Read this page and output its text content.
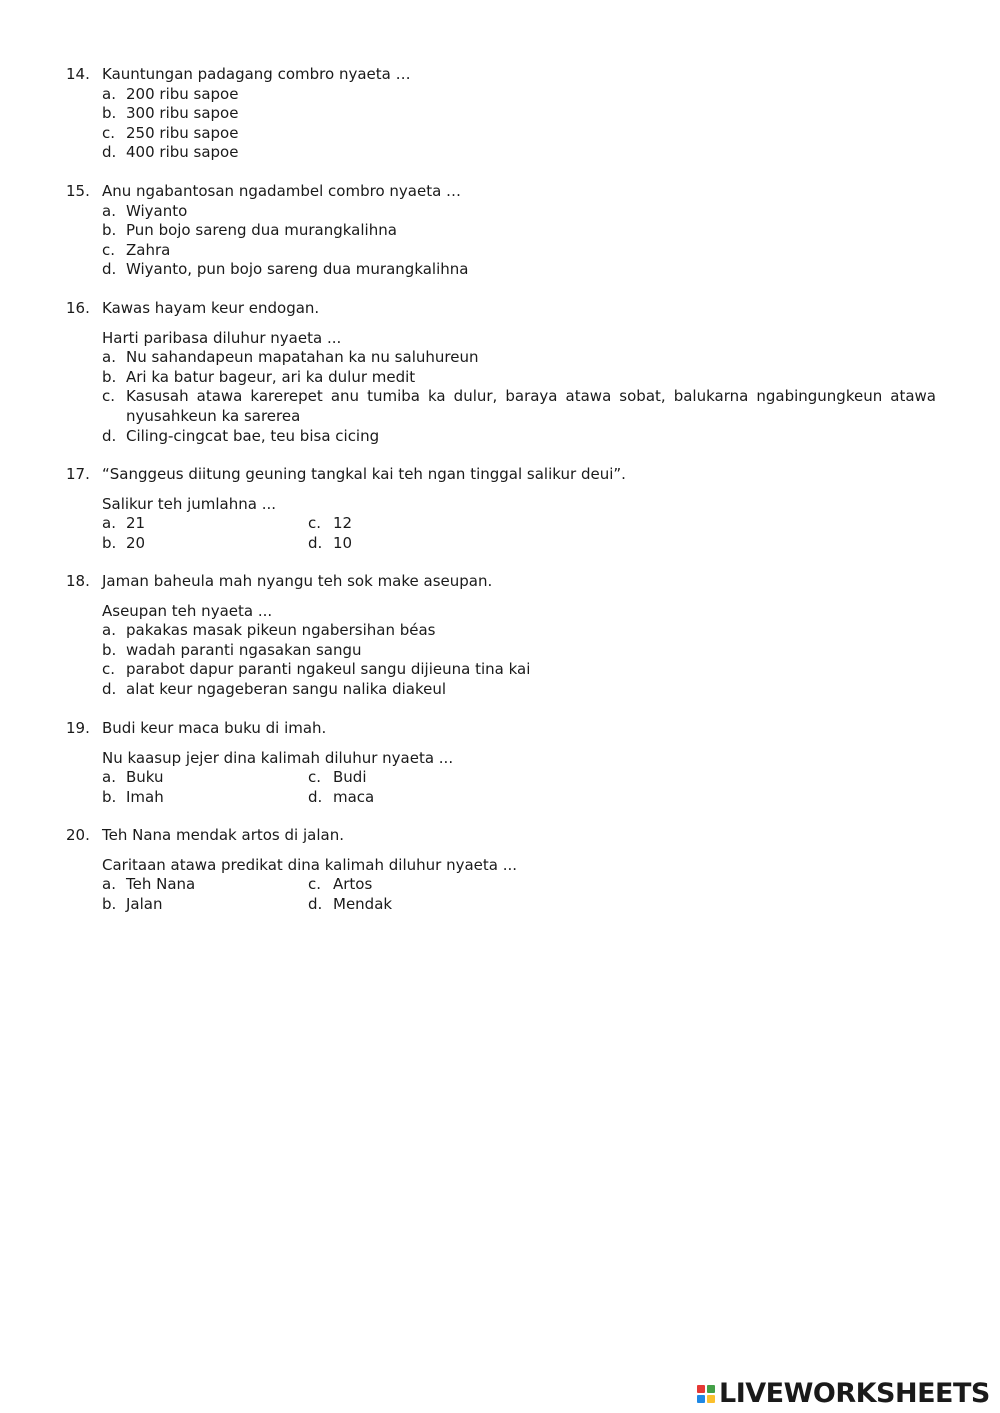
14. Kauntungan padagang combro nyaeta …
a. 200 ribu sapoe
b. 300 ribu sapoe
c. 250 ribu sapoe
d. 400 ribu sapoe
15. Anu ngabantosan ngadambel combro nyaeta …
a. Wiyanto
b. Pun bojo sareng dua murangkalihna
c. Zahra
d. Wiyanto, pun bojo sareng dua murangkalihna
16. Kawas hayam keur endogan.
Harti paribasa diluhur nyaeta ...
a. Nu sahandapeun mapatahan ka nu saluhureun
b. Ari ka batur bageur, ari ka dulur medit
c. Kasusah atawa karerepet anu tumiba ka dulur, baraya atawa sobat, balukarna ngabingungkeun atawa nyusahkeun ka sarerea
d. Ciling-cingcat bae, teu bisa cicing
17. “Sanggeus diitung geuning tangkal kai teh ngan tinggal salikur deui”.
Salikur teh jumlahna ...
a. 21	c. 12
b. 20	d. 10
18. Jaman baheula mah nyangu teh sok make aseupan.
Aseupan teh nyaeta ...
a. pakakas masak pikeun ngabersihan béas
b. wadah paranti ngasakan sangu
c. parabot dapur paranti ngakeul sangu dijieuna tina kai
d. alat keur ngageberan sangu nalika diakeul
19. Budi keur maca buku di imah.
Nu kaasup jejer dina kalimah diluhur nyaeta ...
a. Buku	c. Budi
b. Imah	d. maca
20. Teh Nana mendak artos di jalan.
Caritaan atawa predikat dina kalimah diluhur nyaeta ...
a. Teh Nana	c. Artos
b. Jalan	d. Mendak
LIVEWORKSHEETS
